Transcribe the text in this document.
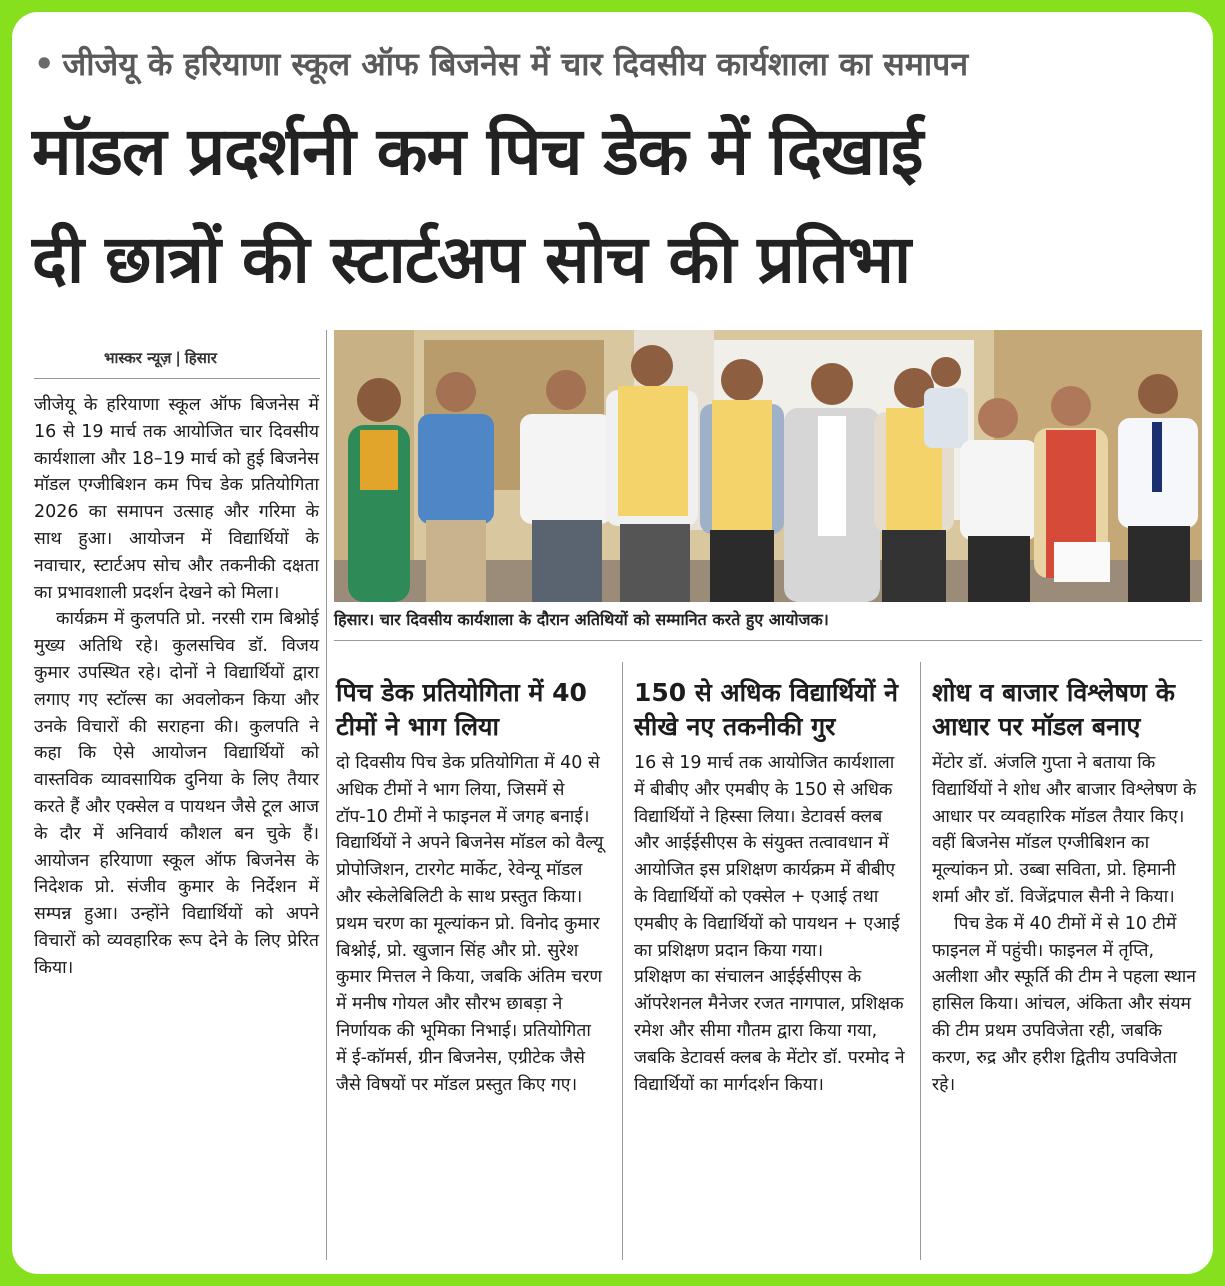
• जीजेयू के हरियाणा स्कूल ऑफ बिजनेस में चार दिवसीय कार्यशाला का समापन
मॉडल प्रदर्शनी कम पिच डेक में दिखाई
दी छात्रों की स्टार्टअप सोच की प्रतिभा
भास्कर न्यूज़ | हिसार

जीजेयू के हरियाणा स्कूल ऑफ बिजनेस में 16 से 19 मार्च तक आयोजित चार दिवसीय कार्यशाला और 18–19 मार्च को हुई बिजनेस मॉडल एग्जीबिशन कम पिच डेक प्रतियोगिता 2026 का समापन उत्साह और गरिमा के साथ हुआ। आयोजन में विद्यार्थियों के नवाचार, स्टार्टअप सोच और तकनीकी दक्षता का प्रभावशाली प्रदर्शन देखने को मिला।

कार्यक्रम में कुलपति प्रो. नरसी राम बिश्नोई मुख्य अतिथि रहे। कुलसचिव डॉ. विजय कुमार उपस्थित रहे। दोनों ने विद्यार्थियों द्वारा लगाए गए स्टॉल्स का अवलोकन किया और उनके विचारों की सराहना की। कुलपति ने कहा कि ऐसे आयोजन विद्यार्थियों को वास्तविक व्यावसायिक दुनिया के लिए तैयार करते हैं और एक्सेल व पायथन जैसे टूल आज के दौर में अनिवार्य कौशल बन चुके हैं। आयोजन हरियाणा स्कूल ऑफ बिजनेस के निदेशक प्रो. संजीव कुमार के निर्देशन में सम्पन्न हुआ। उन्होंने विद्यार्थियों को अपने विचारों को व्यवहारिक रूप देने के लिए प्रेरित किया।

हिसार। चार दिवसीय कार्यशाला के दौरान अतिथियों को सम्मानित करते हुए आयोजक।
पिच डेक प्रतियोगिता में 40 टीमों ने भाग लिया

दो दिवसीय पिच डेक प्रतियोगिता में 40 से अधिक टीमों ने भाग लिया, जिसमें से टॉप-10 टीमों ने फाइनल में जगह बनाई। विद्यार्थियों ने अपने बिजनेस मॉडल को वैल्यू प्रोपोजिशन, टारगेट मार्केट, रेवेन्यू मॉडल और स्केलेबिलिटी के साथ प्रस्तुत किया। प्रथम चरण का मूल्यांकन प्रो. विनोद कुमार बिश्नोई, प्रो. खुजान सिंह और प्रो. सुरेश कुमार मित्तल ने किया, जबकि अंतिम चरण में मनीष गोयल और सौरभ छाबड़ा ने निर्णायक की भूमिका निभाई। प्रतियोगिता में ई-कॉमर्स, ग्रीन बिजनेस, एग्रीटेक जैसे जैसे विषयों पर मॉडल प्रस्तुत किए गए।

150 से अधिक विद्यार्थियों ने सीखे नए तकनीकी गुर

16 से 19 मार्च तक आयोजित कार्यशाला में बीबीए और एमबीए के 150 से अधिक विद्यार्थियों ने हिस्सा लिया। डेटावर्स क्लब और आईईसीएस के संयुक्त तत्वावधान में आयोजित इस प्रशिक्षण कार्यक्रम में बीबीए के विद्यार्थियों को एक्सेल + एआई तथा एमबीए के विद्यार्थियों को पायथन + एआई का प्रशिक्षण प्रदान किया गया।

प्रशिक्षण का संचालन आईईसीएस के ऑपरेशनल मैनेजर रजत नागपाल, प्रशिक्षक रमेश और सीमा गौतम द्वारा किया गया, जबकि डेटावर्स क्लब के मेंटोर डॉ. परमोद ने विद्यार्थियों का मार्गदर्शन किया।

शोध व बाजार विश्लेषण के आधार पर मॉडल बनाए

मेंटोर डॉ. अंजलि गुप्ता ने बताया कि विद्यार्थियों ने शोध और बाजार विश्लेषण के आधार पर व्यवहारिक मॉडल तैयार किए। वहीं बिजनेस मॉडल एग्जीबिशन का मूल्यांकन प्रो. उब्बा सविता, प्रो. हिमानी शर्मा और डॉ. विजेंद्रपाल सैनी ने किया।

पिच डेक में 40 टीमों में से 10 टीमें फाइनल में पहुंची। फाइनल में तृप्ति, अलीशा और स्फूर्ति की टीम ने पहला स्थान हासिल किया। आंचल, अंकिता और संयम की टीम प्रथम उपविजेता रही, जबकि करण, रुद्र और हरीश द्वितीय उपविजेता रहे।
